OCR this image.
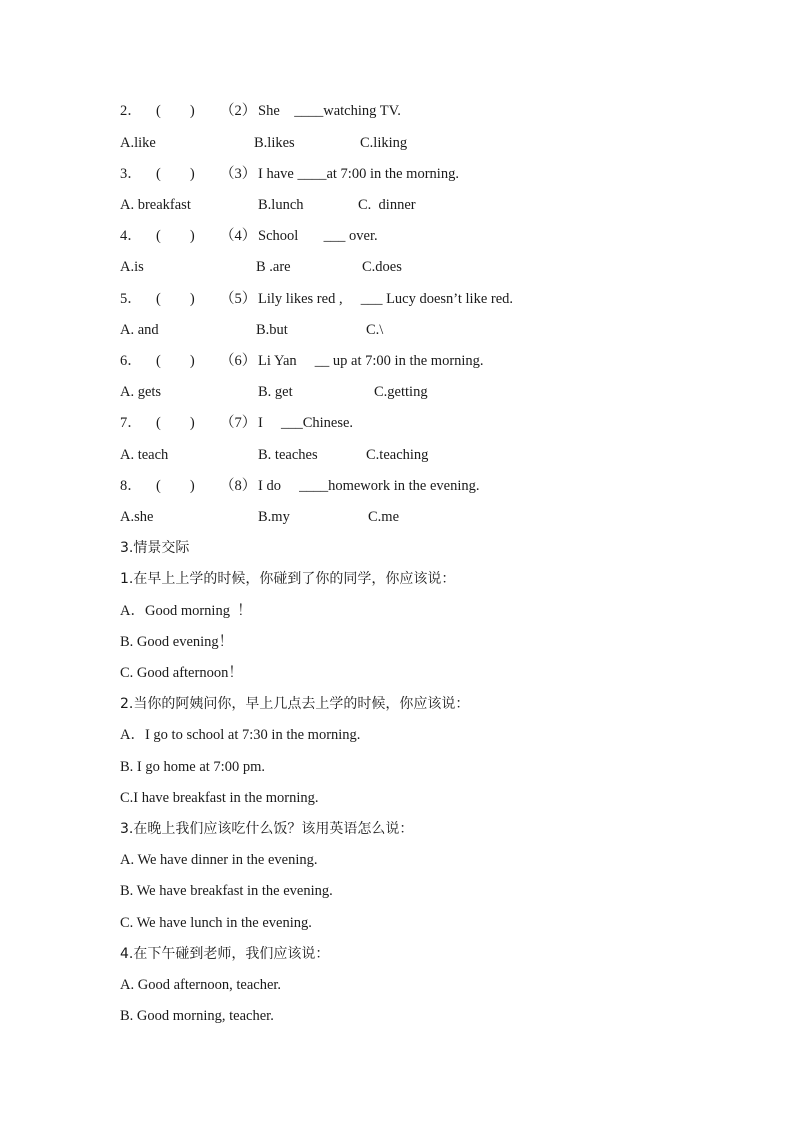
2． (        )	（2） She    ____watching TV.
A.like	B.likes	C.liking
3． (        )	（3） I have ____at 7:00 in the morning.
A. breakfast	B.lunch	C.  dinner
4． (        )	（4） School       ___ over.
A.is	B .are	C.does
5． (        )	（5） Lily likes red ,     ___ Lucy doesn’t like red.
A. and	B.but	C.\
6． (        )	（6） Li Yan     __ up at 7:00 in the morning.
A. gets	B. get	C.getting
7． (        )	（7） I     ___Chinese.
A. teach	B. teaches	C.teaching
8． (        )	（8） I do     ____homework in the evening.
A.she	B.my	C.me
3.情景交际
1.在早上上学的时候，你碰到了你的同学，你应该说：
A．Good morning  ！
B. Good evening！
C. Good afternoon！
2.当你的阿姨问你，早上几点去上学的时候，你应该说：
A．I go to school at 7:30 in the morning.
B. I go home at 7:00 pm.
C.I have breakfast in the morning.
3.在晚上我们应该吃什么饭？该用英语怎么说：
A. We have dinner in the evening.
B. We have breakfast in the evening.
C. We have lunch in the evening.
4.在下午碰到老师，我们应该说：
A. Good afternoon, teacher.
B. Good morning, teacher.
